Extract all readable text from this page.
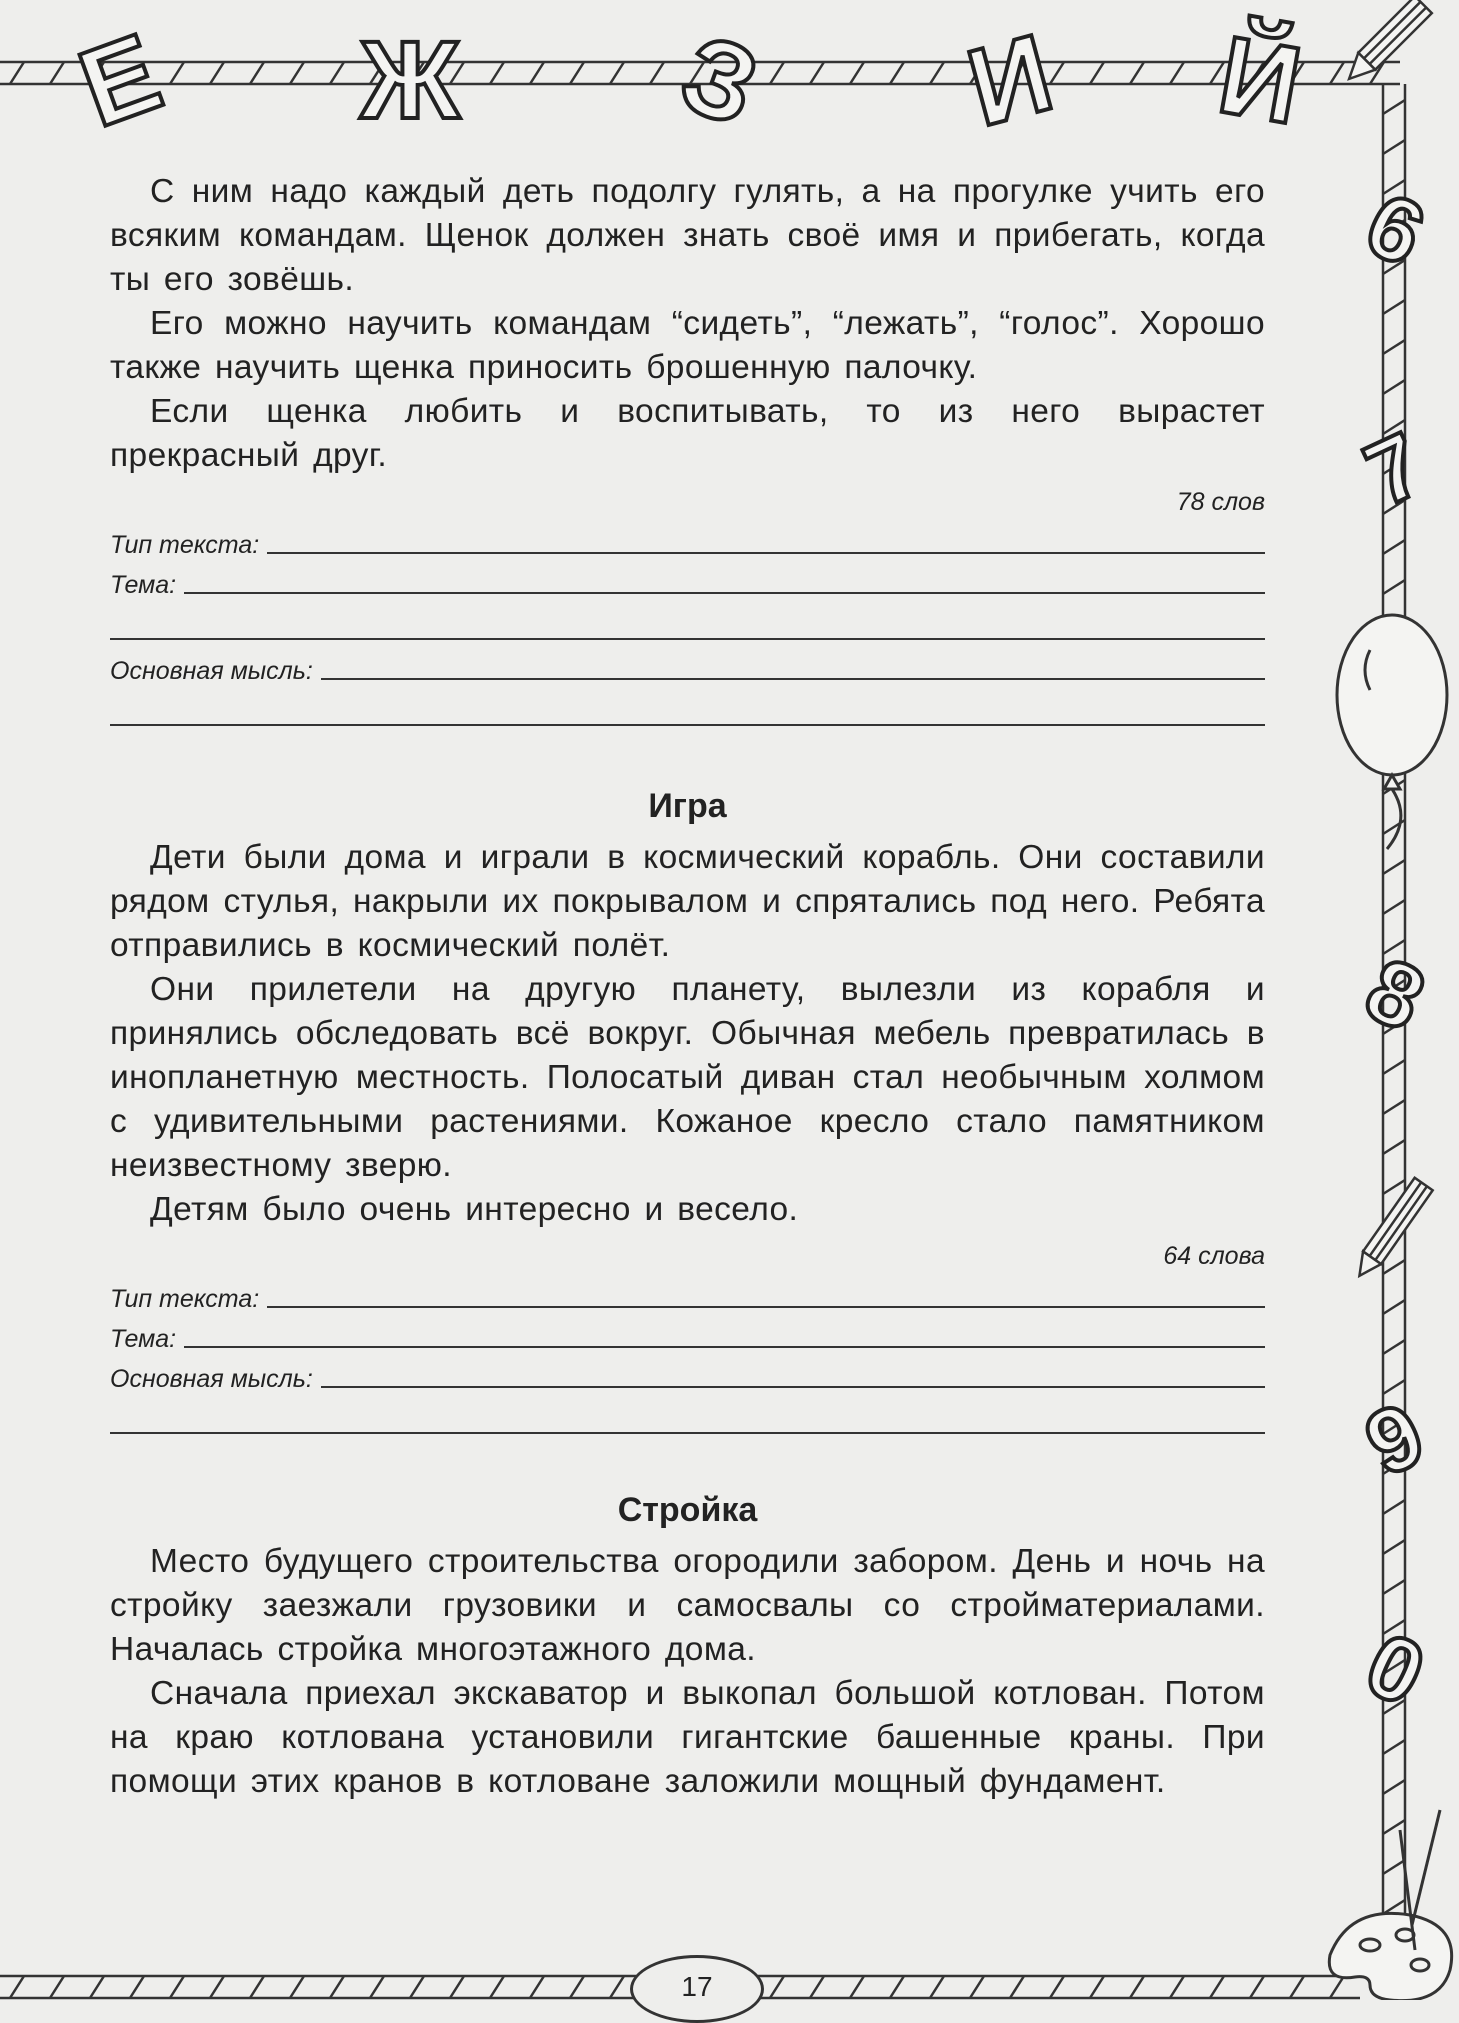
Е Ж З И Й
6
7
8
9
0

С ним надо каждый деть подолгу гулять, а на прогулке учить его всяким командам. Щенок должен знать своё имя и прибегать, когда ты его зовёшь.

Его можно научить командам “сидеть”, “лежать”, “голос”. Хорошо также научить щенка приносить брошенную палочку.

Если щенка любить и воспитывать, то из него вырастет прекрасный друг.

78 слов
Тип текста:
Тема:
Основная мысль:
Игра

Дети были дома и играли в космический корабль. Они составили рядом стулья, накрыли их покрывалом и спрятались под него. Ребята отправились в космический полёт.

Они прилетели на другую планету, вылезли из корабля и принялись обследовать всё вокруг. Обычная мебель превратилась в инопланетную местность. Полосатый диван стал необычным холмом с удивительными растениями. Кожаное кресло стало памятником неизвестному зверю.

Детям было очень интересно и весело.

64 слова
Тип текста:
Тема:
Основная мысль:
Стройка

Место будущего строительства огородили забором. День и ночь на стройку заезжали грузовики и самосвалы со стройматериалами. Началась стройка многоэтажного дома.

Сначала приехал экскаватор и выкопал большой котлован. Потом на краю котлована установили гигантские башенные краны. При помощи этих кранов в котловане заложили мощный фундамент.

17
